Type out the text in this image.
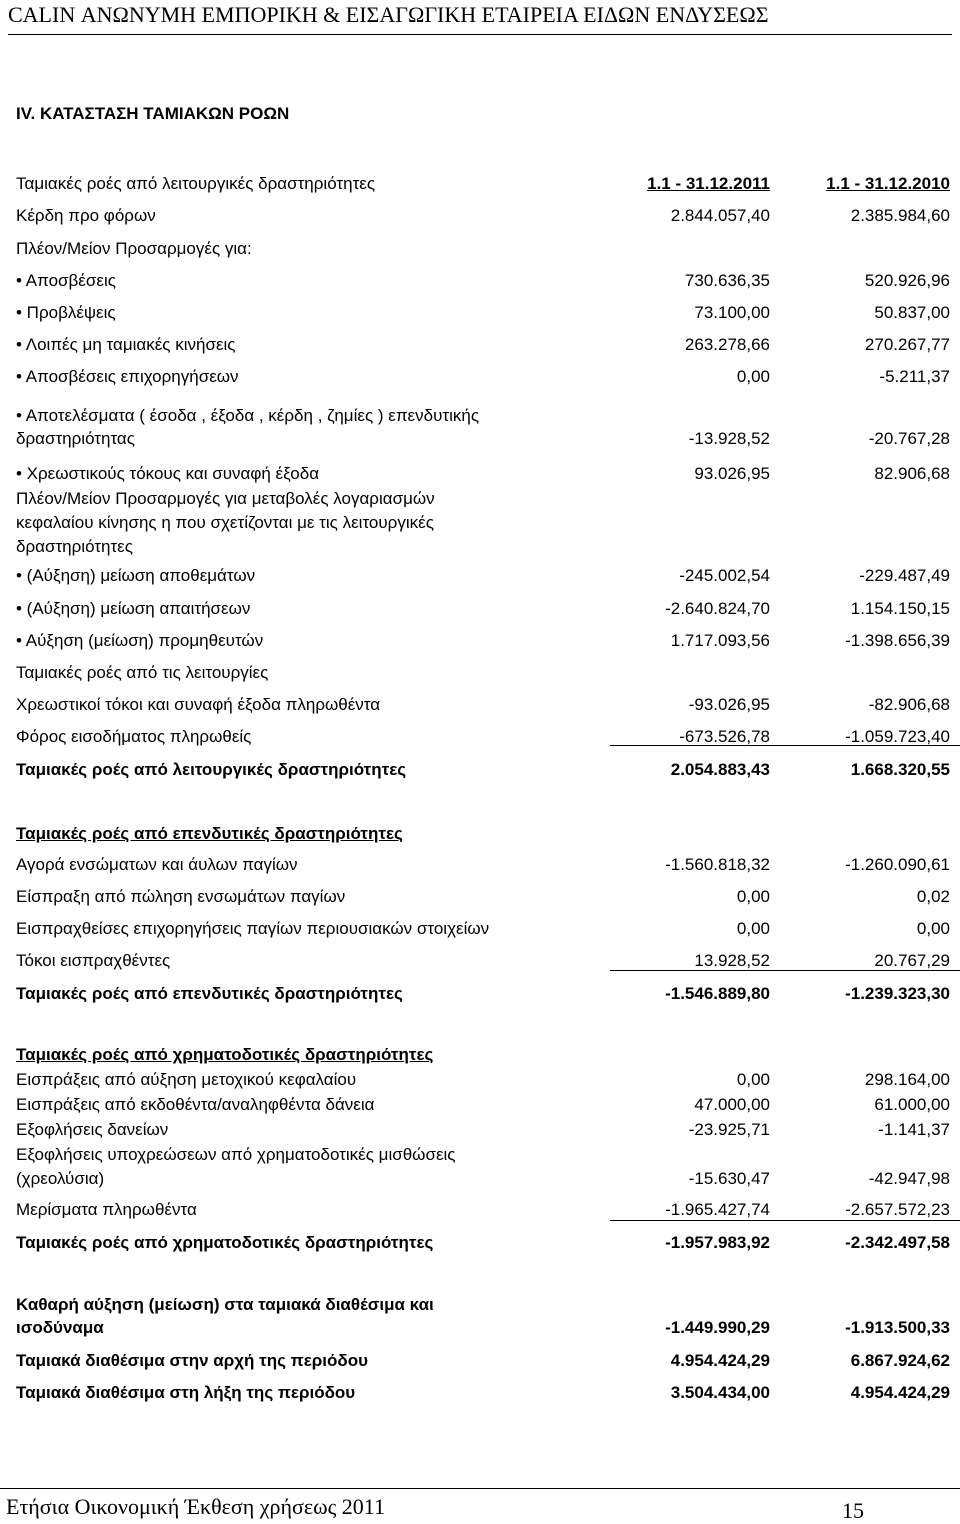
CALIN ΑΝΩΝΥΜΗ ΕΜΠΟΡΙΚΗ & ΕΙΣΑΓΩΓΙΚΗ ΕΤΑΙΡΕΙΑ ΕΙΔΩΝ ΕΝΔΥΣΕΩΣ
IV. ΚΑΤΑΣΤΑΣΗ ΤΑΜΙΑΚΩΝ ΡΟΩΝ
Ταμιακές ροές από λειτουργικές δραστηριότητες	1.1 - 31.12.2011	1.1 - 31.12.2010
Κέρδη προ φόρων	2.844.057,40	2.385.984,60
Πλέον/Μείον Προσαρμογές για:
• Αποσβέσεις	730.636,35	520.926,96
• Προβλέψεις	73.100,00	50.837,00
• Λοιπές μη ταμιακές κινήσεις	263.278,66	270.267,77
• Αποσβέσεις επιχορηγήσεων	0,00	-5.211,37
• Αποτελέσματα ( έσοδα , έξοδα , κέρδη , ζημίες ) επενδυτικής
δραστηριότητας	-13.928,52	-20.767,28
• Χρεωστικούς τόκους και συναφή έξοδα	93.026,95	82.906,68
Πλέον/Μείον Προσαρμογές για μεταβολές λογαριασμών
κεφαλαίου κίνησης η που σχετίζονται με τις λειτουργικές
δραστηριότητες
• (Αύξηση) μείωση αποθεμάτων	-245.002,54	-229.487,49
• (Αύξηση) μείωση απαιτήσεων	-2.640.824,70	1.154.150,15
• Αύξηση (μείωση) προμηθευτών	1.717.093,56	-1.398.656,39
Ταμιακές ροές από τις λειτουργίες
Χρεωστικοί τόκοι και συναφή έξοδα πληρωθέντα	-93.026,95	-82.906,68
Φόρος εισοδήματος πληρωθείς	-673.526,78	-1.059.723,40
Ταμιακές ροές από λειτουργικές δραστηριότητες	2.054.883,43	1.668.320,55
Ταμιακές ροές από επενδυτικές δραστηριότητες
Αγορά ενσώματων και άυλων παγίων	-1.560.818,32	-1.260.090,61
Είσπραξη από πώληση ενσωμάτων παγίων	0,00	0,02
Εισπραχθείσες επιχορηγήσεις παγίων περιουσιακών στοιχείων	0,00	0,00
Τόκοι εισπραχθέντες	13.928,52	20.767,29
Ταμιακές ροές από επενδυτικές δραστηριότητες	-1.546.889,80	-1.239.323,30
Ταμιακές ροές από χρηματοδοτικές δραστηριότητες
Εισπράξεις από αύξηση μετοχικού κεφαλαίου	0,00	298.164,00
Εισπράξεις από εκδοθέντα/αναληφθέντα δάνεια	47.000,00	61.000,00
Εξοφλήσεις δανείων	-23.925,71	-1.141,37
Εξοφλήσεις υποχρεώσεων από χρηματοδοτικές μισθώσεις
(χρεολύσια)	-15.630,47	-42.947,98
Μερίσματα πληρωθέντα	-1.965.427,74	-2.657.572,23
Ταμιακές ροές από χρηματοδοτικές δραστηριότητες	-1.957.983,92	-2.342.497,58
Καθαρή αύξηση (μείωση) στα ταμιακά διαθέσιμα και
ισοδύναμα	-1.449.990,29	-1.913.500,33
Ταμιακά διαθέσιμα στην αρχή της περιόδου	4.954.424,29	6.867.924,62
Ταμιακά διαθέσιμα στη λήξη της περιόδου	3.504.434,00	4.954.424,29
Ετήσια Οικονομική Έκθεση χρήσεως 2011	15
